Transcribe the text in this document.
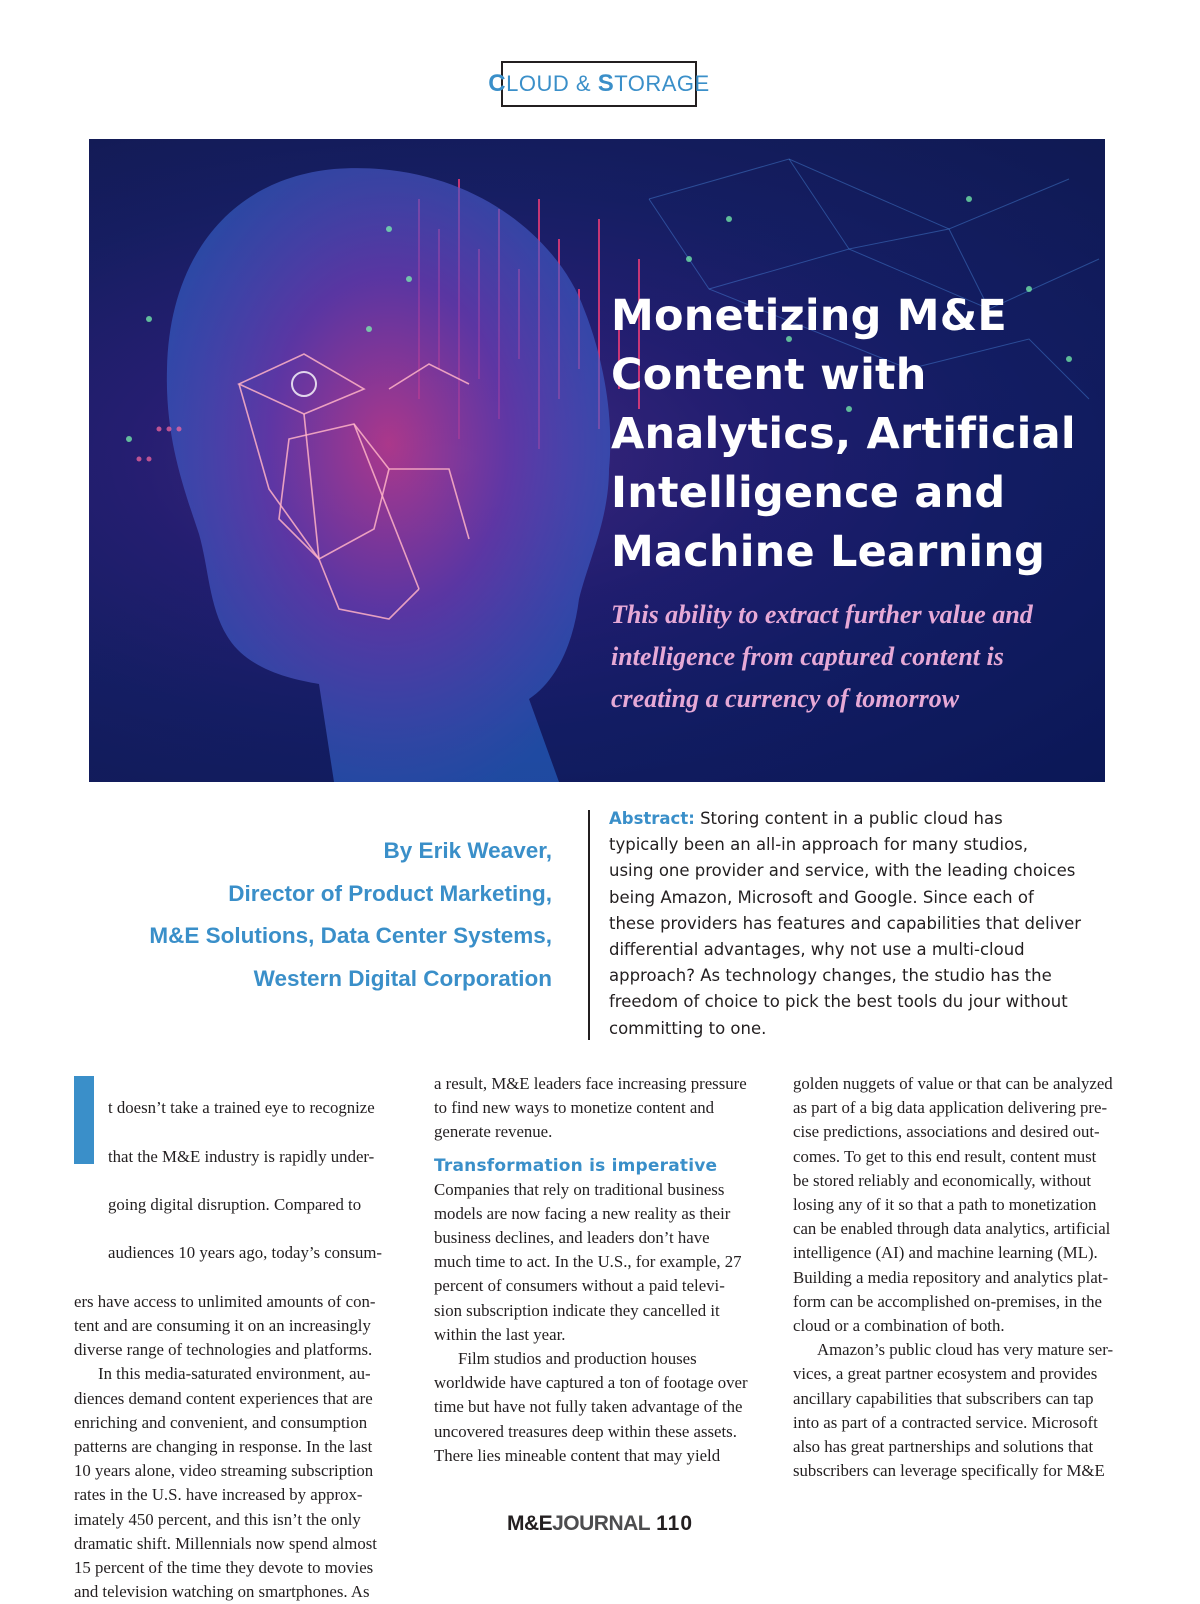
C LOUD
&
S TORAGE
Monetizing M&E
Content with
Analytics, Artificial
Intelligence and
Machine Learning

This ability to extract further value and
intelligence from captured content is
creating a currency of tomorrow

By Erik Weaver,
Director of Product Marketing,
M&E Solutions, Data Center Systems,
Western Digital Corporation

Abstract: Storing content in a public cloud has
typically been an all-in approach for many studios,
using one provider and service, with the leading choices
being Amazon, Microsoft and Google. Since each of
these providers has features and capabilities that deliver
differential advantages, why not use a multi-cloud
approach? As technology changes, the studio has the
freedom of choice to pick the best tools du jour without
committing to one.

t doesn’t take a trained eye to recognize

that the M&E industry is rapidly under-

going digital disruption. Compared to

audiences 10 years ago, today’s consum-

ers have access to unlimited amounts of con-
tent and are consuming it on an increasingly
diverse range of technologies and platforms.

In this media-saturated environment, au-
diences demand content experiences that are
enriching and convenient, and consumption
patterns are changing in response. In the last
10 years alone, video streaming subscription
rates in the U.S. have increased by approx-
imately 450 percent, and this isn’t the only
dramatic shift. Millennials now spend almost
15 percent of the time they devote to movies
and television watching on smartphones. As

a result, M&E leaders face increasing pressure
to find new ways to monetize content and
generate revenue.

Transformation is imperative

Companies that rely on traditional business
models are now facing a new reality as their
business declines, and leaders don’t have
much time to act. In the U.S., for example, 27
percent of consumers without a paid televi-
sion subscription indicate they cancelled it
within the last year.

Film studios and production houses
worldwide have captured a ton of footage over
time but have not fully taken advantage of the
uncovered treasures deep within these assets.
There lies mineable content that may yield

golden nuggets of value or that can be analyzed
as part of a big data application delivering pre-
cise predictions, associations and desired out-
comes. To get to this end result, content must
be stored reliably and economically, without
losing any of it so that a path to monetization
can be enabled through data analytics, artificial
intelligence (AI) and machine learning (ML).
Building a media repository and analytics plat-
form can be accomplished on-premises, in the
cloud or a combination of both.

Amazon’s public cloud has very mature ser-
vices, a great partner ecosystem and provides
ancillary capabilities that subscribers can tap
into as part of a contracted service. Microsoft
also has great partnerships and solutions that
subscribers can leverage specifically for M&E

M&EJOURNAL 110
